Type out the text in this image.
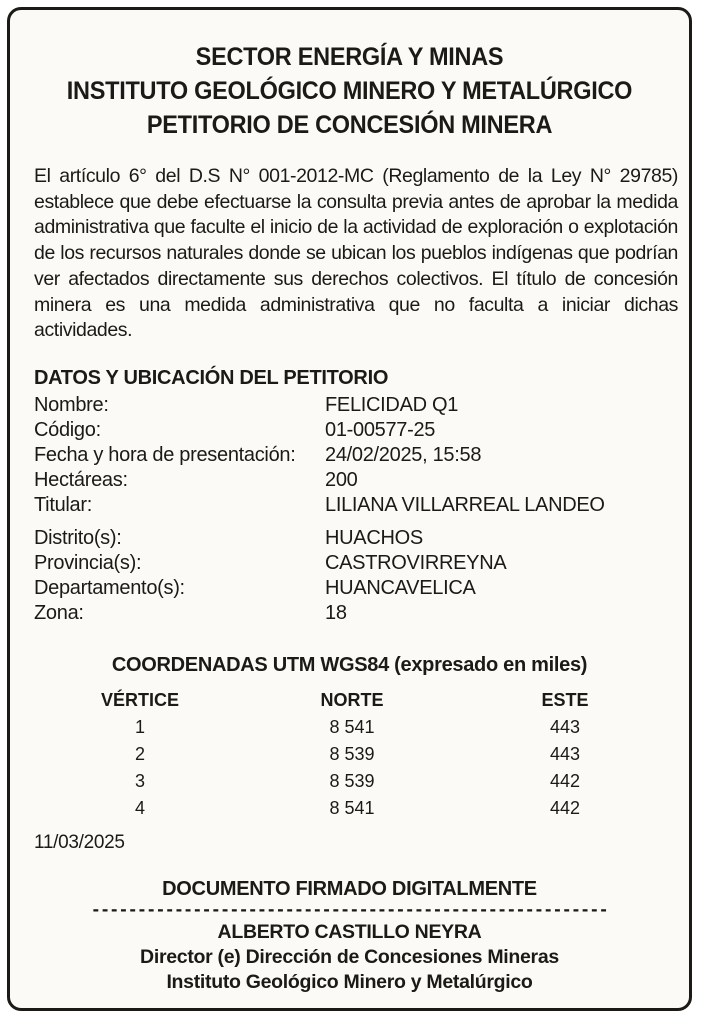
SECTOR ENERGÍA Y MINAS
INSTITUTO GEOLÓGICO MINERO Y METALÚRGICO
PETITORIO DE CONCESIÓN MINERA
El artículo 6° del D.S N° 001-2012-MC (Reglamento de la Ley N° 29785) establece que debe efectuarse la consulta previa antes de aprobar la medida administrativa que faculte el inicio de la actividad de exploración o explotación de los recursos naturales donde se ubican los pueblos indígenas que podrían ver afectados directamente sus derechos colectivos. El título de concesión minera es una medida administrativa que no faculta a iniciar dichas actividades.
DATOS Y UBICACIÓN DEL PETITORIO
Nombre:	FELICIDAD Q1
Código:	01-00577-25
Fecha y hora de presentación: 24/02/2025, 15:58
Hectáreas:	200
Titular:	LILIANA VILLARREAL LANDEO
Distrito(s):	HUACHOS
Provincia(s):	CASTROVIRREYNA
Departamento(s):	HUANCAVELICA
Zona:	18
COORDENADAS UTM WGS84 (expresado en miles)
VÉRTICE	NORTE	ESTE
1	8 541	443
2	8 539	443
3	8 539	442
4	8 541	442
11/03/2025
DOCUMENTO FIRMADO DIGITALMENTE
--------------------------------------------------------
ALBERTO CASTILLO NEYRA
Director (e) Dirección de Concesiones Mineras
Instituto Geológico Minero y Metalúrgico
